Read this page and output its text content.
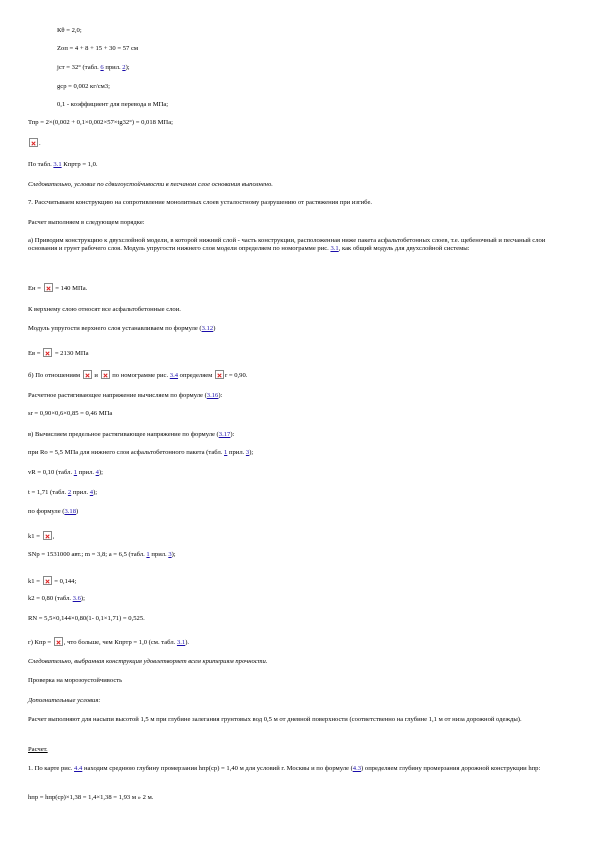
Кθ = 2,0;
Zоп = 4 + 8 + 15 + 30 = 57 см
jст = 32° (табл. 6 прил. 2);
gср = 0,002 кг/см3;
0,1 - коэффициент для перевода в МПа;
Тпр = 2×(0,002 + 0,1×0,002×57×tg32°) = 0,018 МПа;
.
По табл. 3.1 Кпртр = 1,0.
Следовательно, условие по сдвигоустойчивости в песчаном слое основания выполнено.
7. Рассчитываем конструкцию на сопротивление монолитных слоев усталостному разрушению от растяжения при изгибе.
Расчет выполняем в следующем порядке:
а) Приводим конструкцию к двухслойной модели, в которой нижний слой - часть конструкции, расположенная ниже пакета асфальтобетонных слоев, т.е. щебеночный и песчаный слои основания и грунт рабочего слоя. Модуль упругости нижнего слоя модели определяем по номограмме рис. 3.1, как общий модуль для двухслойной системы:
Ен =  = 140 МПа.
К верхнему слою относят все асфальтобетонные слои.
Модуль упругости верхнего слоя устанавливаем по формуле (3.12)
Ев =  = 2130 МПа
б) По отношениям  и  по номограмме рис. 3.4 определяем r = 0,90.
Расчетное растягивающее напряжение вычисляем по формуле (3.16):
sr = 0,90×0,6×0,85 = 0,46 МПа
в) Вычисляем предельное растягивающее напряжение по формуле (3.17):
при Ro = 5,5 МПа для нижнего слоя асфальтобетонного пакета (табл. 1 прил. 3);
vR = 0,10 (табл. 1 прил. 4);
t = 1,71 (табл. 2 прил. 4);
по формуле (3.18)
k1 = ,
SNp = 1531000 авт.; m = 3,8; a = 6,5 (табл. 1 прил. 3);
k1 =  = 0,144;
k2 = 0,80 (табл. 3.6);
RN = 5,5×0,144×0,80(1- 0,1×1,71) = 0,525.
г) Кпр = , что больше, чем Кпртр = 1,0 (см. табл. 3.1).
Следовательно, выбранная конструкция удовлетворяет всем критериям прочности.
Проверка на морозоустойчивость
Дополнительные условия:
Расчет выполняют для насыпи высотой 1,5 м при глубине залегания грунтовых вод 0,5 м от дневной поверхности (соответственно на глубине 1,1 м от низа дорожной одежды).
Расчет.
1. По карте рис. 4.4 находим среднюю глубину промерзания hпр(ср) = 1,40 м для условий г. Москвы и по формуле (4.3) определяем глубину промерзания дорожной конструкции hпр:
hпр = hпр(ср)×1,38 = 1,4×1,38 = 1,93 м » 2 м.
